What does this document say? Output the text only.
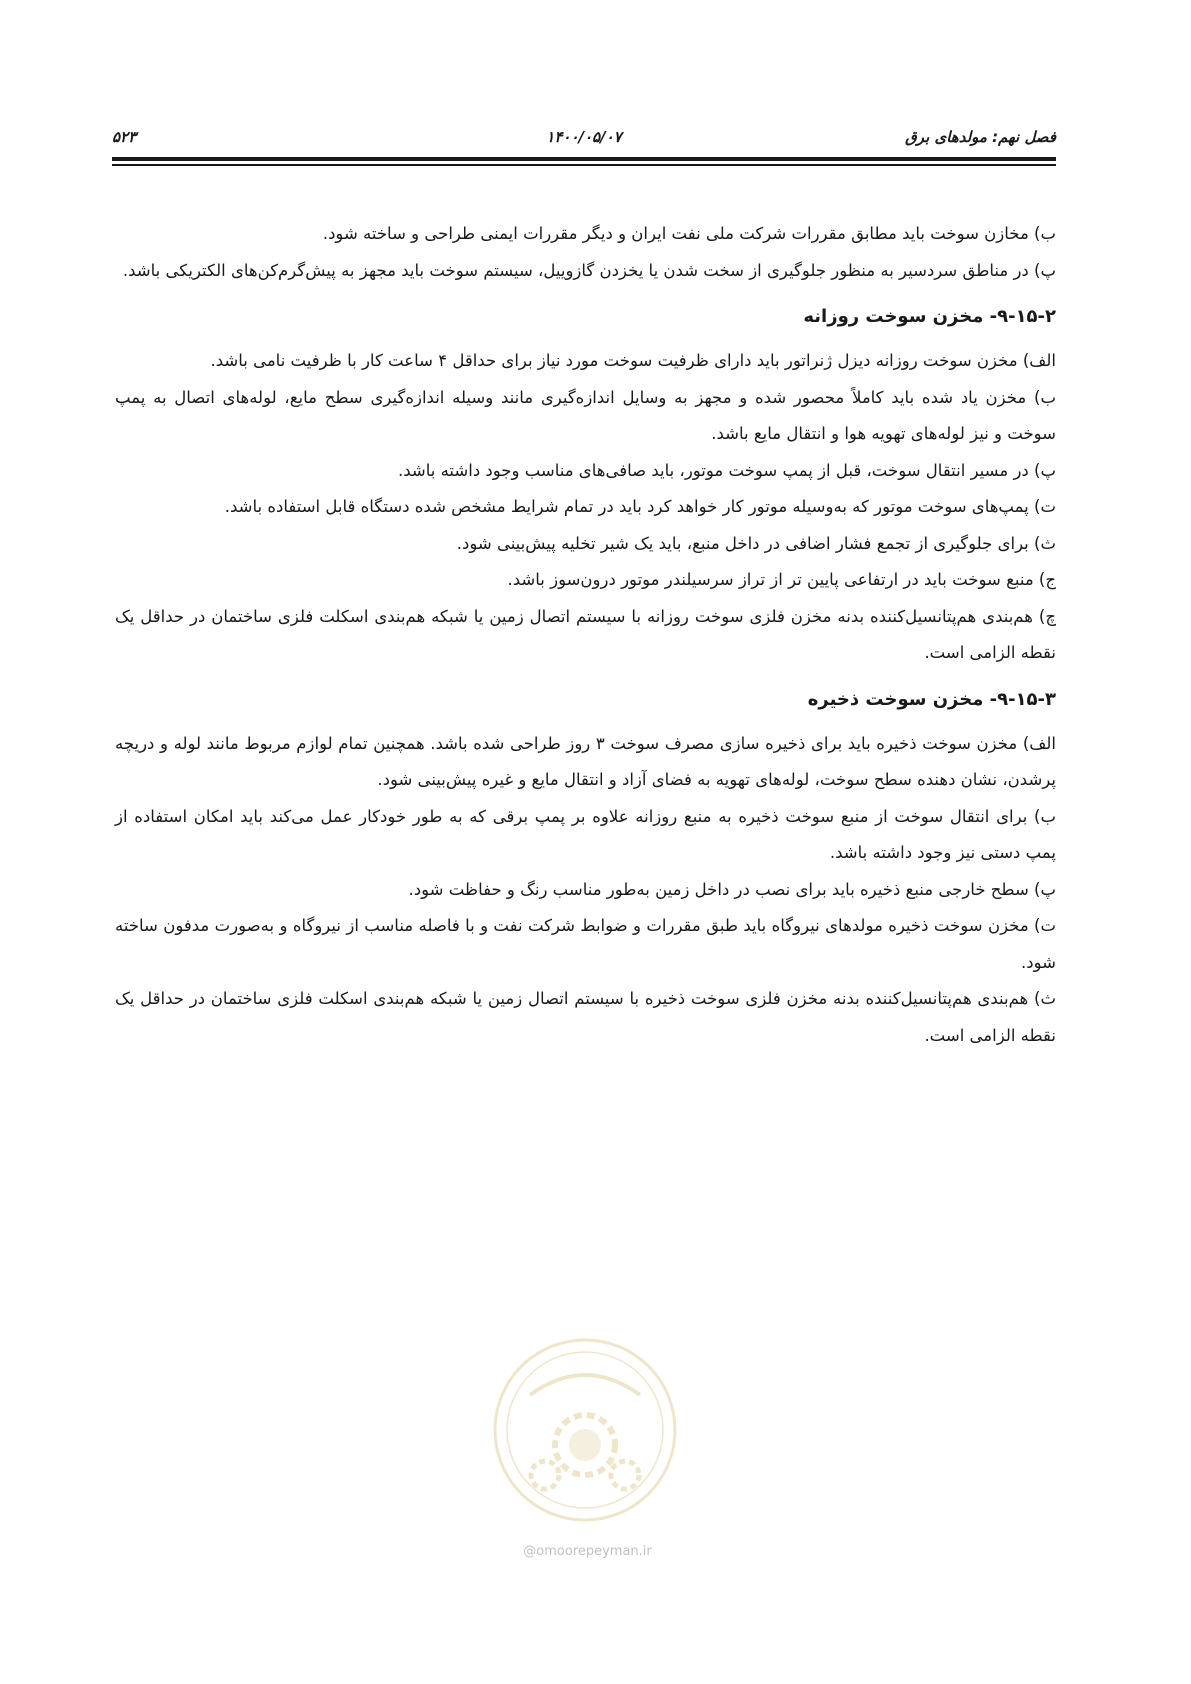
فصل نهم: مولدهای برق
۱۴۰۰/۰۵/۰۷
۵۲۳

ب) مخازن سوخت باید مطابق مقررات شرکت ملی نفت ایران و دیگر مقررات ایمنی طراحی و ساخته شود.

پ) در مناطق سردسیر به منظور جلوگیری از سخت شدن یا یخزدن گازوییل، سیستم سوخت باید مجهز به پیش‌گرم‌کن‌های الکتریکی باشد.

۹-۱۵-۲- مخزن سوخت روزانه

الف) مخزن سوخت روزانه دیزل ژنراتور باید دارای ظرفیت سوخت مورد نیاز برای حداقل ۴ ساعت کار با ظرفیت نامی باشد.

ب) مخزن یاد شده باید کاملاً محصور شده و مجهز به وسایل اندازه‌گیری مانند وسیله اندازه‌گیری سطح مایع، لوله‌های اتصال به پمپ سوخت و نیز لوله‌های تهویه هوا و انتقال مایع باشد.

پ) در مسیر انتقال سوخت، قبل از پمپ سوخت موتور، باید صافی‌های مناسب وجود داشته باشد.

ت) پمپ‌های سوخت موتور که به‌وسیله موتور کار خواهد کرد باید در تمام شرایط مشخص شده دستگاه قابل استفاده باشد.

ث) برای جلوگیری از تجمع فشار اضافی در داخل منبع، باید یک شیر تخلیه پیش‌بینی شود.

ج) منبع سوخت باید در ارتفاعی پایین تر از تراز سرسیلندر موتور درون‌سوز باشد.

چ) هم‌بندی هم‌پتانسیل‌کننده بدنه مخزن فلزی سوخت روزانه با سیستم اتصال زمین یا شبکه هم‌بندی اسکلت فلزی ساختمان در حداقل یک نقطه الزامی است.

۹-۱۵-۳- مخزن سوخت ذخیره

الف) مخزن سوخت ذخیره باید برای ذخیره سازی مصرف سوخت ۳ روز طراحی شده باشد. همچنین تمام لوازم مربوط مانند لوله و دریچه پرشدن، نشان دهنده سطح سوخت، لوله‌های تهویه به فضای آزاد و انتقال مایع و غیره پیش‌بینی شود.

ب) برای انتقال سوخت از منبع سوخت ذخیره به منبع روزانه علاوه بر پمپ برقی که به طور خودکار عمل می‌کند باید امکان استفاده از پمپ دستی نیز وجود داشته باشد.

پ) سطح خارجی منبع ذخیره باید برای نصب در داخل زمین به‌طور مناسب رنگ و حفاظت شود.

ت) مخزن سوخت ذخیره مولدهای نیروگاه باید طبق مقررات و ضوابط شرکت نفت و با فاصله مناسب از نیروگاه و به‌صورت مدفون ساخته شود.

ث) هم‌بندی هم‌پتانسیل‌کننده بدنه مخزن فلزی سوخت ذخیره با سیستم اتصال زمین یا شبکه هم‌بندی اسکلت فلزی ساختمان در حداقل یک نقطه الزامی است.

@omoorepeyman.ir
